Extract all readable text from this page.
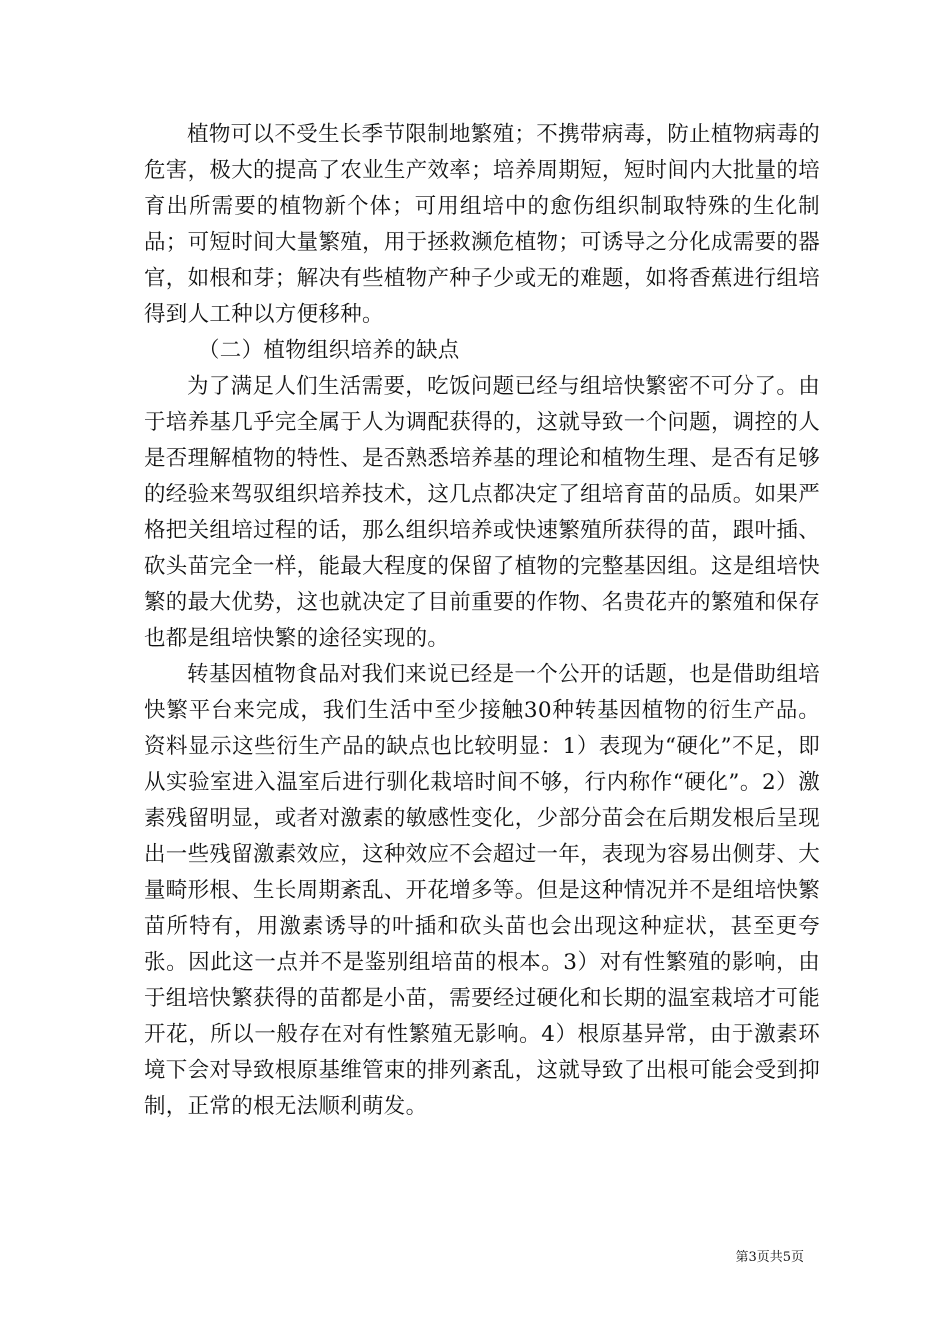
植物可以不受生长季节限制地繁殖；不携带病毒，防止植物病毒的危害，极大的提高了农业生产效率；培养周期短，短时间内大批量的培育出所需要的植物新个体；可用组培中的愈伤组织制取特殊的生化制品；可短时间大量繁殖，用于拯救濒危植物；可诱导之分化成需要的器官，如根和芽；解决有些植物产种子少或无的难题，如将香蕉进行组培得到人工种以方便移种。

（二）植物组织培养的缺点

为了满足人们生活需要，吃饭问题已经与组培快繁密不可分了。由于培养基几乎完全属于人为调配获得的，这就导致一个问题，调控的人是否理解植物的特性、是否熟悉培养基的理论和植物生理、是否有足够的经验来驾驭组织培养技术，这几点都决定了组培育苗的品质。如果严格把关组培过程的话，那么组织培养或快速繁殖所获得的苗，跟叶插、砍头苗完全一样，能最大程度的保留了植物的完整基因组。这是组培快繁的最大优势，这也就决定了目前重要的作物、名贵花卉的繁殖和保存也都是组培快繁的途径实现的。

转基因植物食品对我们来说已经是一个公开的话题，也是借助组培快繁平台来完成，我们生活中至少接触30种转基因植物的衍生产品。资料显示这些衍生产品的缺点也比较明显：1）表现为“硬化”不足，即从实验室进入温室后进行驯化栽培时间不够，行内称作“硬化”。2）激素残留明显，或者对激素的敏感性变化，少部分苗会在后期发根后呈现出一些残留激素效应，这种效应不会超过一年，表现为容易出侧芽、大量畸形根、生长周期紊乱、开花增多等。但是这种情况并不是组培快繁苗所特有，用激素诱导的叶插和砍头苗也会出现这种症状，甚至更夸张。因此这一点并不是鉴别组培苗的根本。3）对有性繁殖的影响，由于组培快繁获得的苗都是小苗，需要经过硬化和长期的温室栽培才可能开花，所以一般存在对有性繁殖无影响。4）根原基异常，由于激素环境下会对导致根原基维管束的排列紊乱，这就导致了出根可能会受到抑制，正常的根无法顺利萌发。

第3页共5页
